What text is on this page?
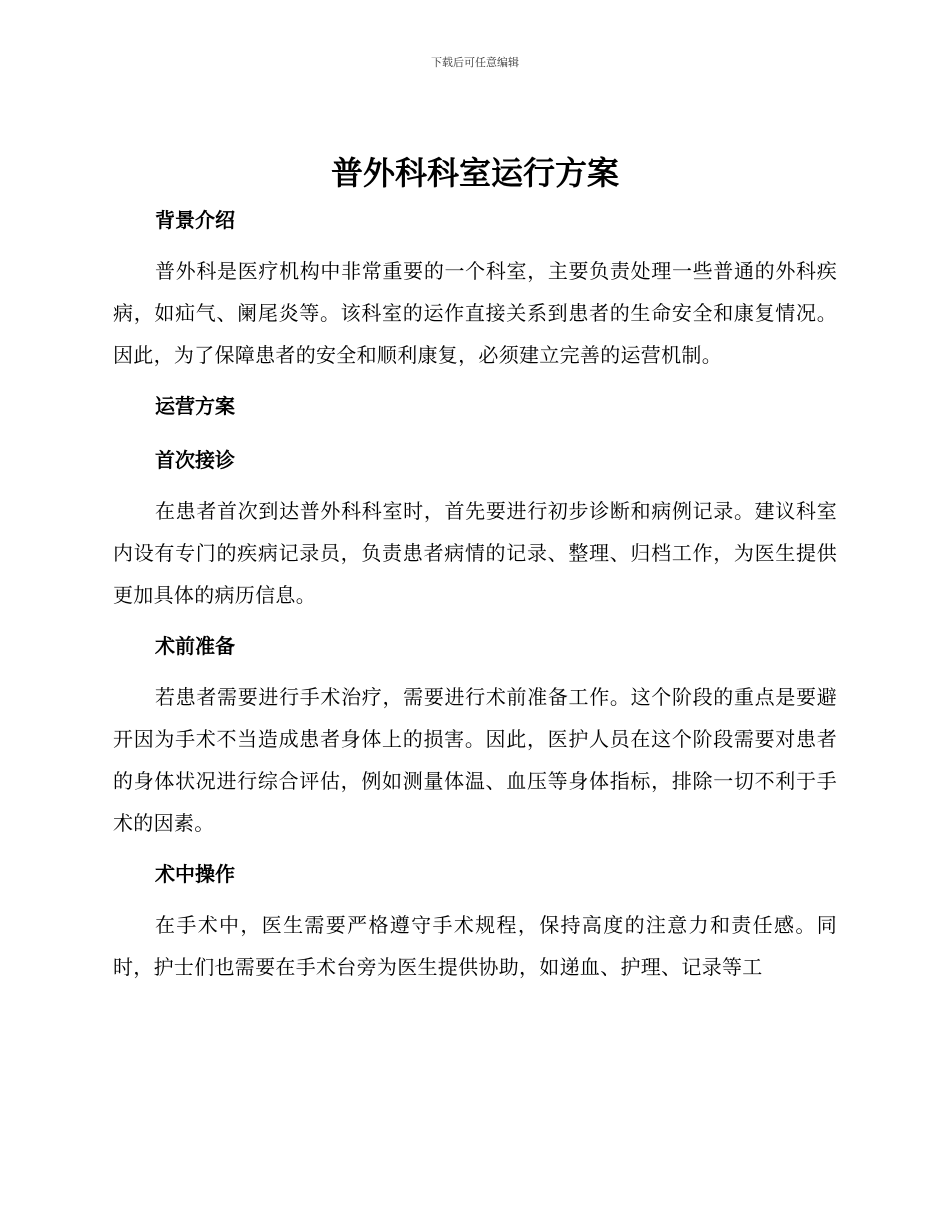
下载后可任意编辑
普外科科室运行方案
背景介绍

普外科是医疗机构中非常重要的一个科室，主要负责处理一些普通的外科疾病，如疝气、阑尾炎等。该科室的运作直接关系到患者的生命安全和康复情况。因此，为了保障患者的安全和顺利康复，必须建立完善的运营机制。

运营方案
首次接诊

在患者首次到达普外科科室时，首先要进行初步诊断和病例记录。建议科室内设有专门的疾病记录员，负责患者病情的记录、整理、归档工作，为医生提供更加具体的病历信息。

术前准备

若患者需要进行手术治疗，需要进行术前准备工作。这个阶段的重点是要避开因为手术不当造成患者身体上的损害。因此，医护人员在这个阶段需要对患者的身体状况进行综合评估，例如测量体温、血压等身体指标，排除一切不利于手术的因素。

术中操作

在手术中，医生需要严格遵守手术规程，保持高度的注意力和责任感。同时，护士们也需要在手术台旁为医生提供协助，如递血、护理、记录等工
